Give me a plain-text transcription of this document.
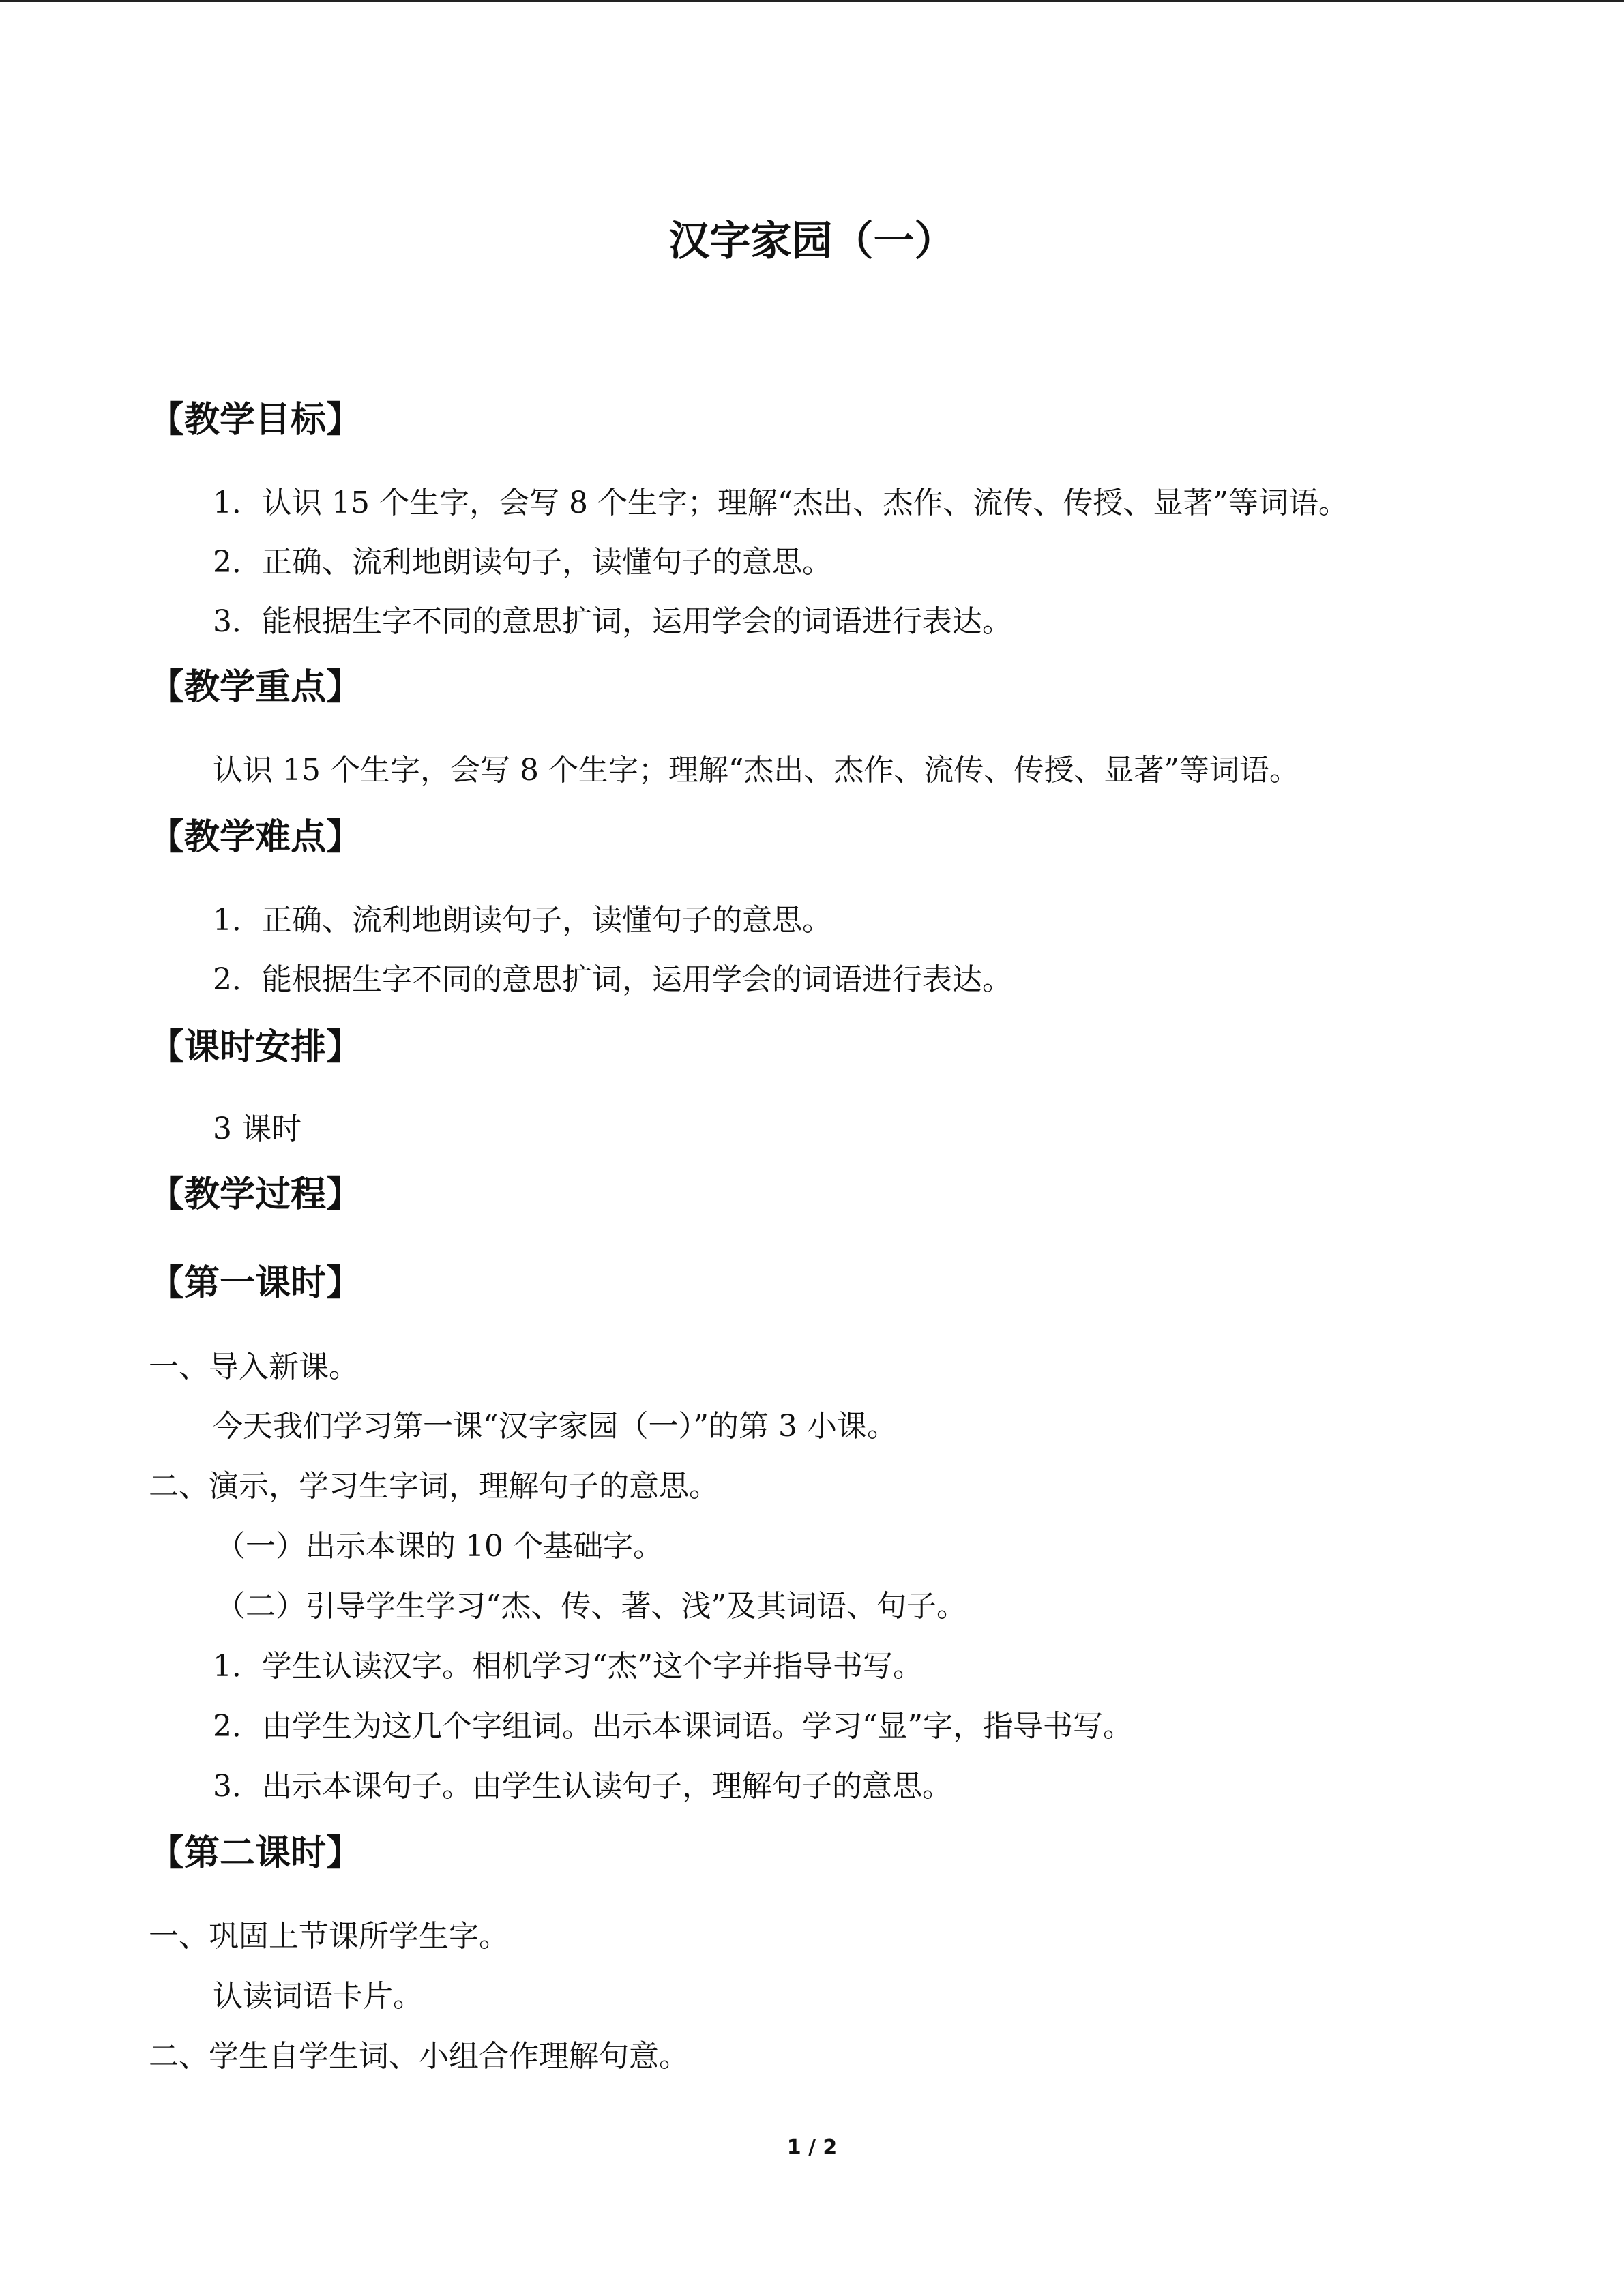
汉字家园（一）
【教学目标】
1．认识 15 个生字，会写 8 个生字；理解“杰出、杰作、流传、传授、显著”等词语。
2．正确、流利地朗读句子，读懂句子的意思。
3．能根据生字不同的意思扩词，运用学会的词语进行表达。
【教学重点】
认识 15 个生字，会写 8 个生字；理解“杰出、杰作、流传、传授、显著”等词语。
【教学难点】
1．正确、流利地朗读句子，读懂句子的意思。
2．能根据生字不同的意思扩词，运用学会的词语进行表达。
【课时安排】
3 课时
【教学过程】
【第一课时】
一、导入新课。
今天我们学习第一课“汉字家园（一）”的第 3 小课。
二、演示，学习生字词，理解句子的意思。
（一）出示本课的 10 个基础字。
（二）引导学生学习“杰、传、著、浅”及其词语、句子。
1．学生认读汉字。相机学习“杰”这个字并指导书写。
2．由学生为这几个字组词。出示本课词语。学习“显”字，指导书写。
3．出示本课句子。由学生认读句子，理解句子的意思。
【第二课时】
一、巩固上节课所学生字。
认读词语卡片。
二、学生自学生词、小组合作理解句意。
1 / 2
